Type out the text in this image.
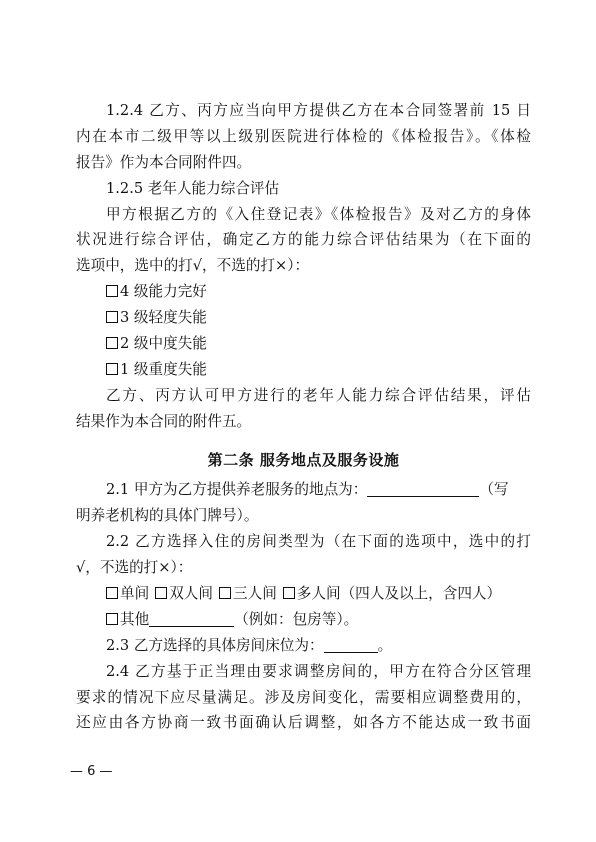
1.2.4 乙方、丙方应当向甲方提供乙方在本合同签署前 15 日
内在本市二级甲等以上级别医院进行体检的《体检报告》。《体检
报告》作为本合同附件四。
1.2.5 老年人能力综合评估
甲方根据乙方的《入住登记表》《体检报告》及对乙方的身体
状况进行综合评估，确定乙方的能力综合评估结果为（在下面的
选项中，选中的打√，不选的打×）：
4 级能力完好
3 级轻度失能
2 级中度失能
1 级重度失能
乙方、丙方认可甲方进行的老年人能力综合评估结果，评估
结果作为本合同的附件五。
第二条 服务地点及服务设施
2.1 甲方为乙方提供养老服务的地点为：	（写
明养老机构的具体门牌号）。
2.2 乙方选择入住的房间类型为（在下面的选项中，选中的打
√，不选的打×）：
单间 双人间 三人间 多人间（四人及以上，含四人）
其他	（例如：包房等）。
2.3 乙方选择的具体房间床位为：	。
2.4 乙方基于正当理由要求调整房间的，甲方在符合分区管理
要求的情况下应尽量满足。涉及房间变化，需要相应调整费用的，
还应由各方协商一致书面确认后调整，如各方不能达成一致书面
— 6 —
